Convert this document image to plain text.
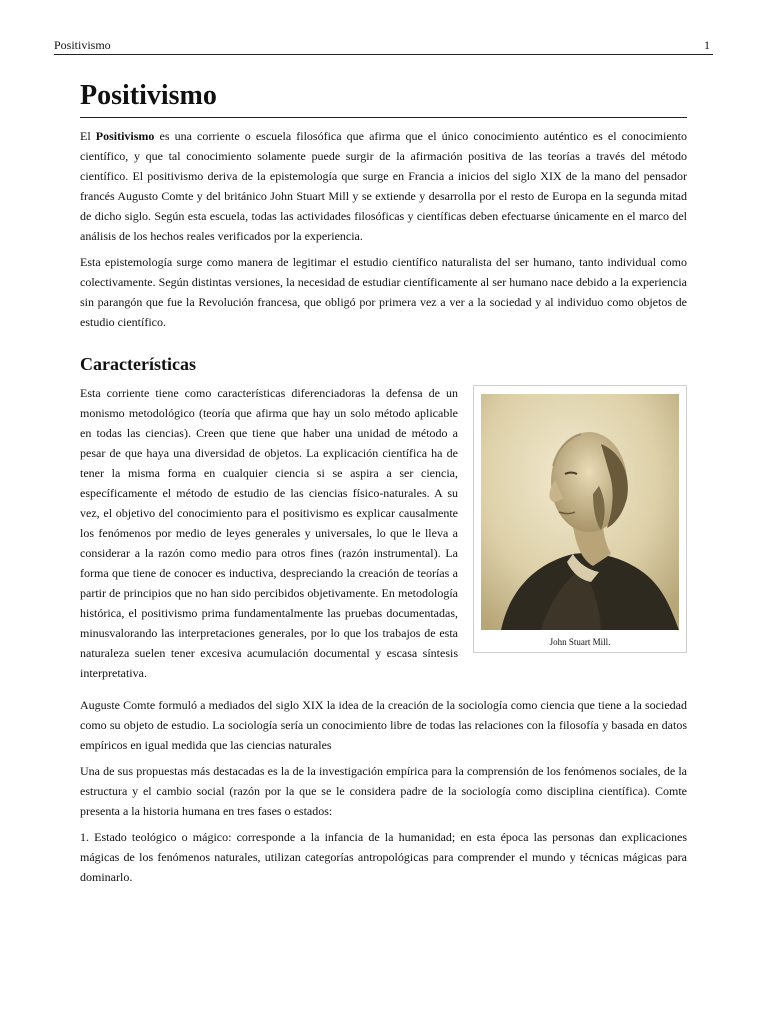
Positivismo	1
Positivismo

El Positivismo es una corriente o escuela filosófica que afirma que el único conocimiento auténtico es el conocimiento científico, y que tal conocimiento solamente puede surgir de la afirmación positiva de las teorías a través del método científico. El positivismo deriva de la epistemología que surge en Francia a inicios del siglo XIX de la mano del pensador francés Augusto Comte y del británico John Stuart Mill y se extiende y desarrolla por el resto de Europa en la segunda mitad de dicho siglo. Según esta escuela, todas las actividades filosóficas y científicas deben efectuarse únicamente en el marco del análisis de los hechos reales verificados por la experiencia.

Esta epistemología surge como manera de legitimar el estudio científico naturalista del ser humano, tanto individual como colectivamente. Según distintas versiones, la necesidad de estudiar científicamente al ser humano nace debido a la experiencia sin parangón que fue la Revolución francesa, que obligó por primera vez a ver a la sociedad y al individuo como objetos de estudio científico.

Características
John Stuart Mill.

Esta corriente tiene como características diferenciadoras la defensa de un monismo metodológico (teoría que afirma que hay un solo método aplicable en todas las ciencias). Creen que tiene que haber una unidad de método a pesar de que haya una diversidad de objetos. La explicación científica ha de tener la misma forma en cualquier ciencia si se aspira a ser ciencia, específicamente el método de estudio de las ciencias físico-naturales. A su vez, el objetivo del conocimiento para el positivismo es explicar causalmente los fenómenos por medio de leyes generales y universales, lo que le lleva a considerar a la razón como medio para otros fines (razón instrumental). La forma que tiene de conocer es inductiva, despreciando la creación de teorías a partir de principios que no han sido percibidos objetivamente. En metodología histórica, el positivismo prima fundamentalmente las pruebas documentadas, minusvalorando las interpretaciones generales, por lo que los trabajos de esta naturaleza suelen tener excesiva acumulación documental y escasa síntesis interpretativa.

Auguste Comte formuló a mediados del siglo XIX la idea de la creación de la sociología como ciencia que tiene a la sociedad como su objeto de estudio. La sociología sería un conocimiento libre de todas las relaciones con la filosofía y basada en datos empíricos en igual medida que las ciencias naturales

Una de sus propuestas más destacadas es la de la investigación empírica para la comprensión de los fenómenos sociales, de la estructura y el cambio social (razón por la que se le considera padre de la sociología como disciplina científica). Comte presenta a la historia humana en tres fases o estados:

1. Estado teológico o mágico: corresponde a la infancia de la humanidad; en esta época las personas dan explicaciones mágicas de los fenómenos naturales, utilizan categorías antropológicas para comprender el mundo y técnicas mágicas para dominarlo.
